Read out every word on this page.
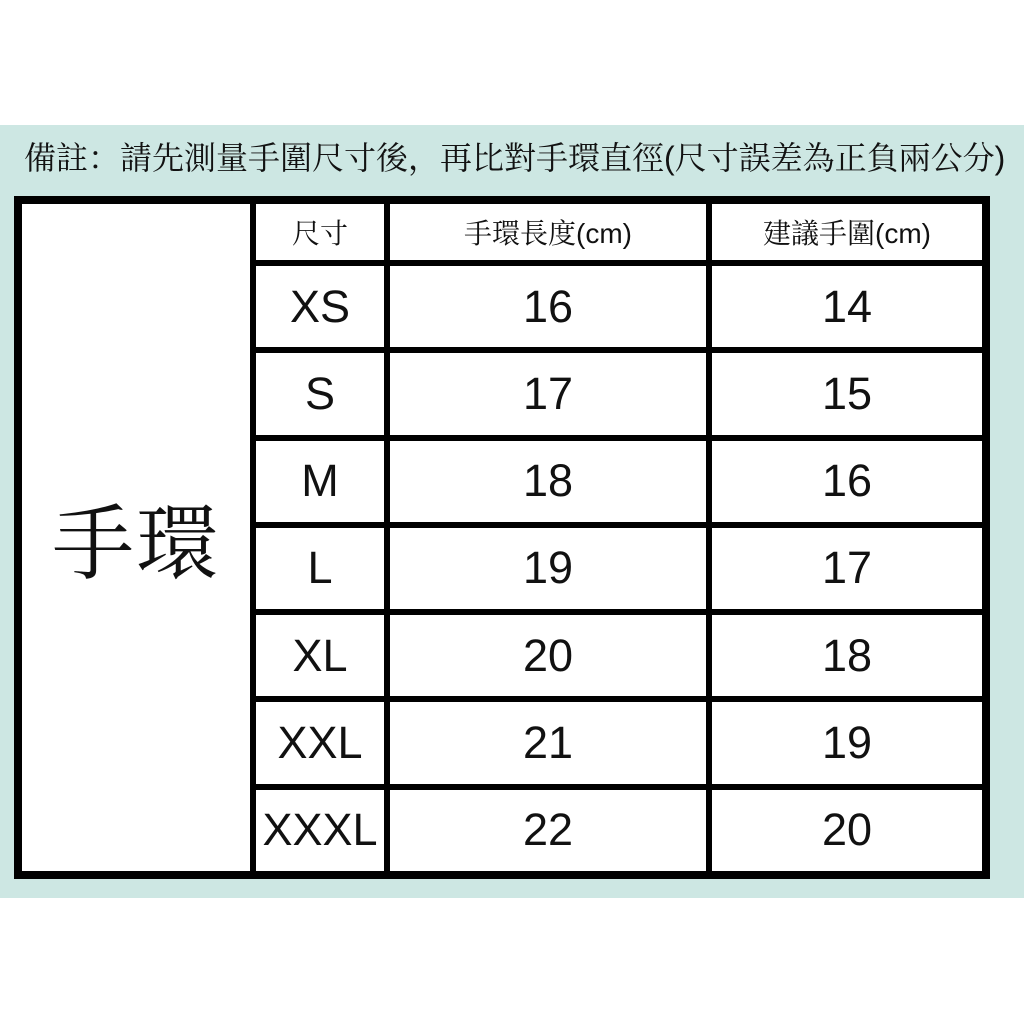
備註：請先測量手圍尺寸後，再比對手環直徑(尺寸誤差為正負兩公分)
手環
尺寸	手環長度(cm)	建議手圍(cm)
XS	16	14
S	17	15
M	18	16
L	19	17
XL	20	18
XXL	21	19
XXXL	22	20
